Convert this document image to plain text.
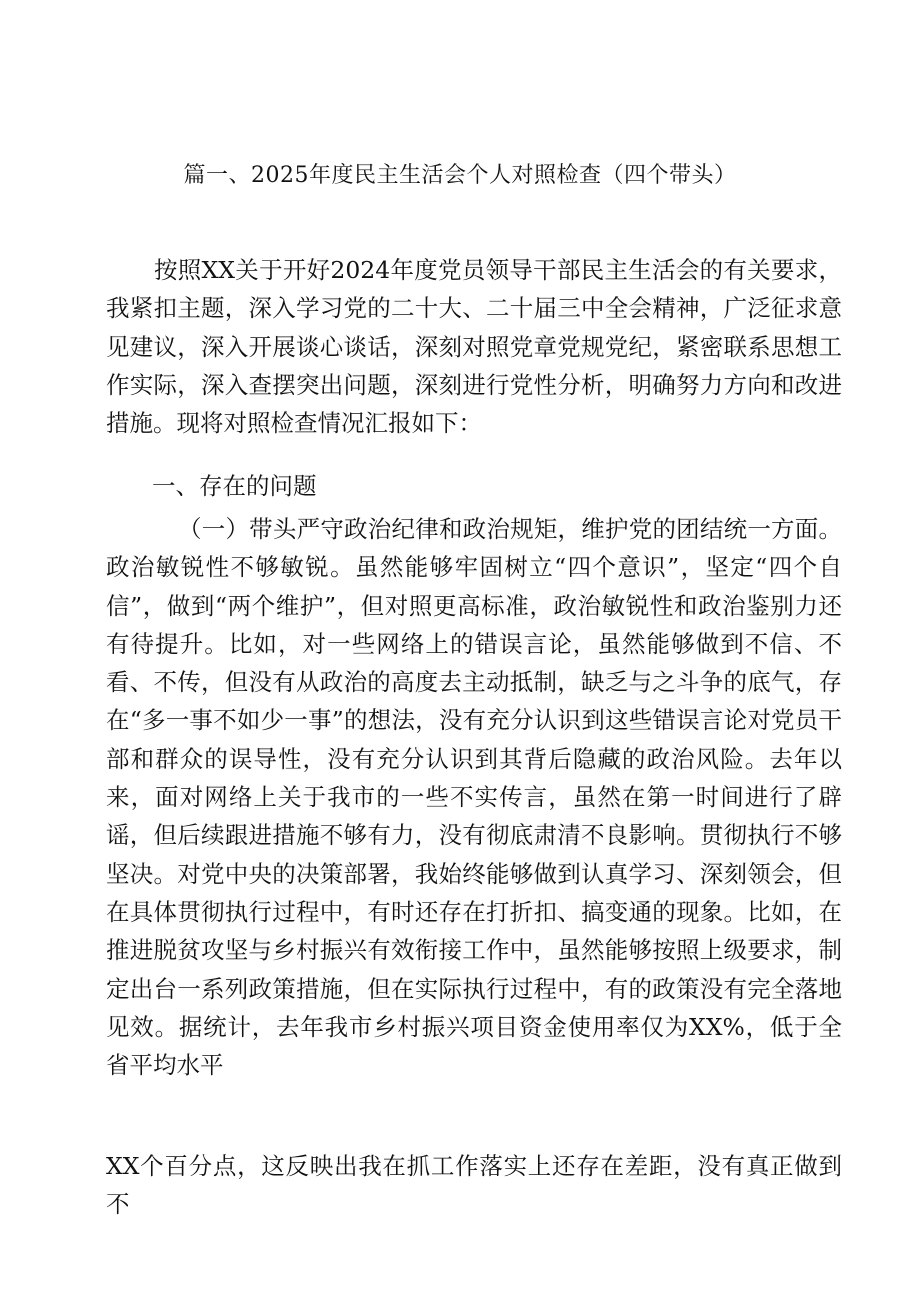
篇一、2025年度民主生活会个人对照检查（四个带头）

按照XX关于开好2024年度党员领导干部民主生活会的有关要求，我紧扣主题，深入学习党的二十大、二十届三中全会精神，广泛征求意见建议，深入开展谈心谈话，深刻对照党章党规党纪，紧密联系思想工作实际，深入查摆突出问题，深刻进行党性分析，明确努力方向和改进措施。现将对照检查情况汇报如下：

一、存在的问题

（一）带头严守政治纪律和政治规矩，维护党的团结统一方面。政治敏锐性不够敏锐。虽然能够牢固树立“四个意识”，坚定“四个自信”，做到“两个维护”，但对照更高标准，政治敏锐性和政治鉴别力还有待提升。比如，对一些网络上的错误言论，虽然能够做到不信、不看、不传，但没有从政治的高度去主动抵制，缺乏与之斗争的底气，存在“多一事不如少一事”的想法，没有充分认识到这些错误言论对党员干部和群众的误导性，没有充分认识到其背后隐藏的政治风险。去年以来，面对网络上关于我市的一些不实传言，虽然在第一时间进行了辟谣，但后续跟进措施不够有力，没有彻底肃清不良影响。贯彻执行不够坚决。对党中央的决策部署，我始终能够做到认真学习、深刻领会，但在具体贯彻执行过程中，有时还存在打折扣、搞变通的现象。比如，在推进脱贫攻坚与乡村振兴有效衔接工作中，虽然能够按照上级要求，制定出台一系列政策措施，但在实际执行过程中，有的政策没有完全落地见效。据统计，去年我市乡村振兴项目资金使用率仅为XX%，低于全省平均水平

XX个百分点，这反映出我在抓工作落实上还存在差距，没有真正做到不
